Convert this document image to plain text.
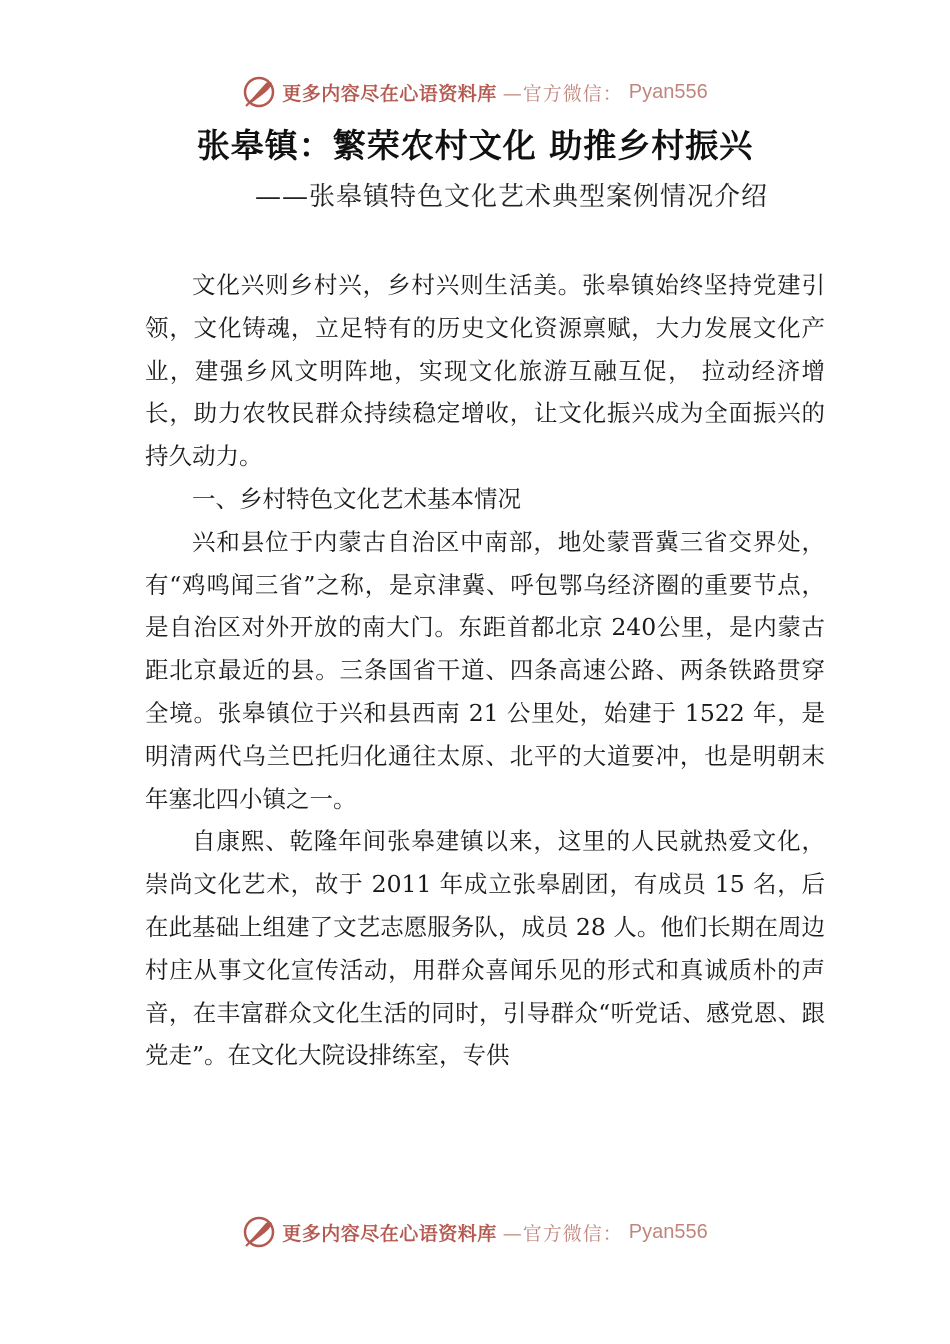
更多内容尽在心语资料库 —官方微信： Pyan556
张皋镇：繁荣农村文化 助推乡村振兴
——张皋镇特色文化艺术典型案例情况介绍

文化兴则乡村兴，乡村兴则生活美。张皋镇始终坚持党建引领，文化铸魂，立足特有的历史文化资源禀赋，大力发展文化产业，建强乡风文明阵地，实现文化旅游互融互促， 拉动经济增长，助力农牧民群众持续稳定增收，让文化振兴成为全面振兴的持久动力。

一、乡村特色文化艺术基本情况

兴和县位于内蒙古自治区中南部，地处蒙晋冀三省交界处，有“鸡鸣闻三省”之称，是京津冀、呼包鄂乌经济圈的重要节点，是自治区对外开放的南大门。东距首都北京 240公里，是内蒙古距北京最近的县。三条国省干道、四条高速公路、两条铁路贯穿全境。张皋镇位于兴和县西南 21 公里处，始建于 1522 年，是明清两代乌兰巴托归化通往太原、北平的大道要冲，也是明朝末年塞北四小镇之一。

自康熙、乾隆年间张皋建镇以来，这里的人民就热爱文化，崇尚文化艺术，故于 2011 年成立张皋剧团，有成员 15 名，后在此基础上组建了文艺志愿服务队，成员 28 人。他们长期在周边村庄从事文化宣传活动，用群众喜闻乐见的形式和真诚质朴的声音，在丰富群众文化生活的同时，引导群众“听党话、感党恩、跟党走”。在文化大院设排练室，专供

更多内容尽在心语资料库 —官方微信： Pyan556
